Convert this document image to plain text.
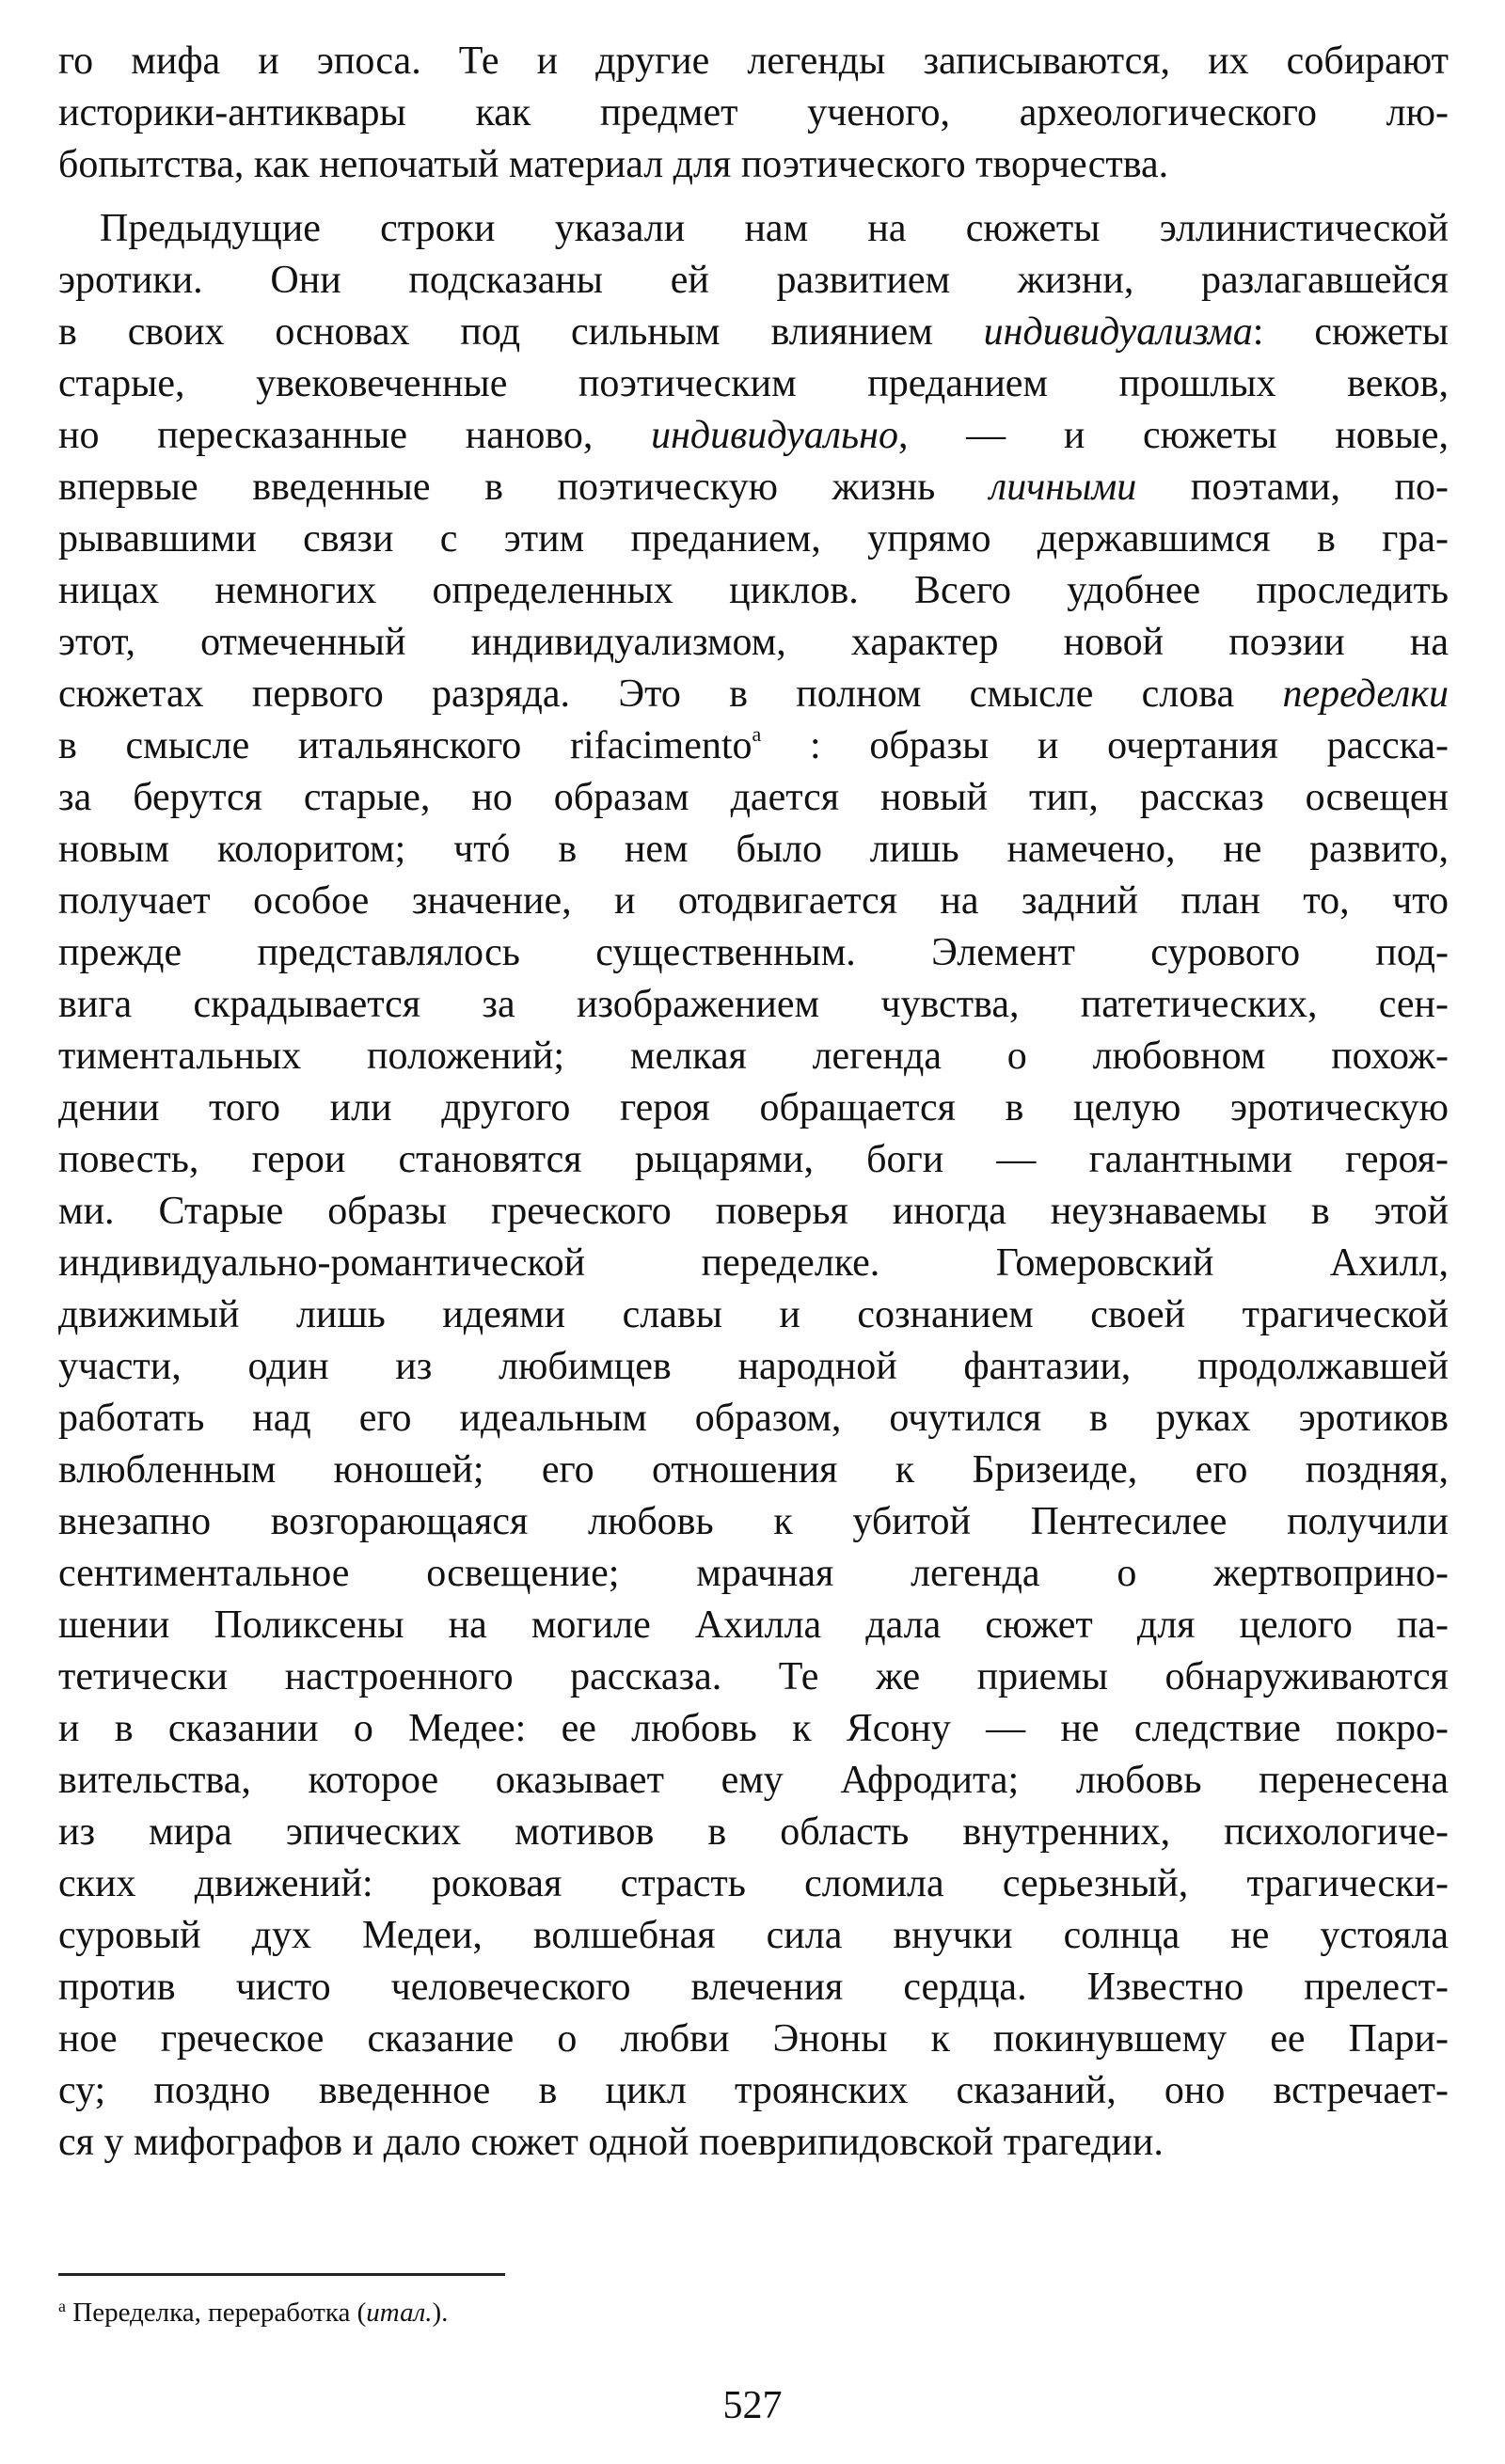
го мифа и эпоса. Те и другие легенды записываются, их собирают
историки-антиквары как предмет ученого, археологического лю-
бопытства, как непочатый материал для поэтического творчества.
Предыдущие строки указали нам на сюжеты эллинистической
эротики. Они подсказаны ей развитием жизни, разлагавшейся
в своих основах под сильным влиянием индивидуализма: сюжеты
старые, увековеченные поэтическим преданием прошлых веков,
но пересказанные наново, индивидуально, — и сюжеты новые,
впервые введенные в поэтическую жизнь личными поэтами, по-
рывавшими связи с этим преданием, упрямо державшимся в гра-
ницах немногих определенных циклов. Всего удобнее проследить
этот, отмеченный индивидуализмом, характер новой поэзии на
сюжетах первого разряда. Это в полном смысле слова переделки
в смысле итальянского rifacimento$^а$ : образы и очертания расска-
за берутся старые, но образам дается новый тип, рассказ освещен
новым колоритом; чтó в нем было лишь намечено, не развито,
получает особое значение, и отодвигается на задний план то, что
прежде представлялось существенным. Элемент сурового под-
вига скрадывается за изображением чувства, патетических, сен-
тиментальных положений; мелкая легенда о любовном похож-
дении того или другого героя обращается в целую эротическую
повесть, герои становятся рыцарями, боги — галантными героя-
ми. Старые образы греческого поверья иногда неузнаваемы в этой
индивидуально-романтической переделке. Гомеровский Ахилл,
движимый лишь идеями славы и сознанием своей трагической
участи, один из любимцев народной фантазии, продолжавшей
работать над его идеальным образом, очутился в руках эротиков
влюбленным юношей; его отношения к Бризеиде, его поздняя,
внезапно возгорающаяся любовь к убитой Пентесилее получили
сентиментальное освещение; мрачная легенда о жертвоприно-
шении Поликсены на могиле Ахилла дала сюжет для целого па-
тетически настроенного рассказа. Те же приемы обнаруживаются
и в сказании о Медее: ее любовь к Ясону — не следствие покро-
вительства, которое оказывает ему Афродита; любовь перенесена
из мира эпических мотивов в область внутренних, психологиче-
ских движений: роковая страсть сломила серьезный, трагически-
суровый дух Медеи, волшебная сила внучки солнца не устояла
против чисто человеческого влечения сердца. Известно прелест-
ное греческое сказание о любви Эноны к покинувшему ее Пари-
су; поздно введенное в цикл троянских сказаний, оно встречает-
ся у мифографов и дало сюжет одной поеврипидовской трагедии.
$^а$ Переделка, переработка (итал.).
527
